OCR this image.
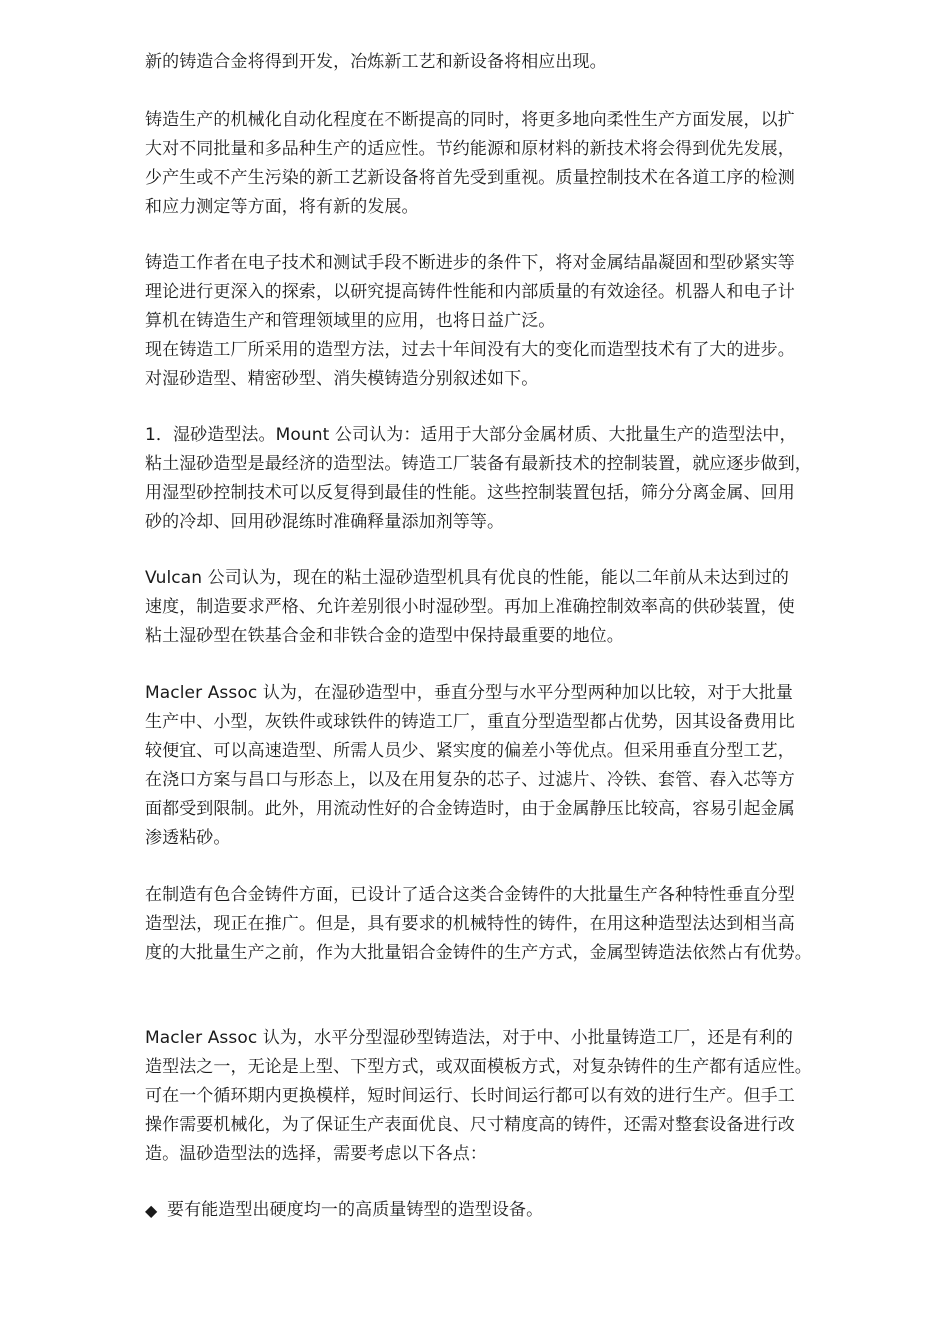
新的铸造合金将得到开发，冶炼新工艺和新设备将相应出现。
铸造生产的机械化自动化程度在不断提高的同时，将更多地向柔性生产方面发展，以扩
大对不同批量和多品种生产的适应性。节约能源和原材料的新技术将会得到优先发展，
少产生或不产生污染的新工艺新设备将首先受到重视。质量控制技术在各道工序的检测
和应力测定等方面，将有新的发展。
铸造工作者在电子技术和测试手段不断进步的条件下，将对金属结晶凝固和型砂紧实等
理论进行更深入的探索，以研究提高铸件性能和内部质量的有效途径。机器人和电子计
算机在铸造生产和管理领域里的应用，也将日益广泛。
现在铸造工厂所采用的造型方法，过去十年间没有大的变化而造型技术有了大的进步。
对湿砂造型、精密砂型、消失模铸造分别叙述如下。
1．湿砂造型法。Mount 公司认为：适用于大部分金属材质、大批量生产的造型法中，
粘土湿砂造型是最经济的造型法。铸造工厂装备有最新技术的控制装置，就应逐步做到，
用湿型砂控制技术可以反复得到最佳的性能。这些控制装置包括，筛分分离金属、回用
砂的冷却、回用砂混练时准确释量添加剂等等。
Vulcan 公司认为，现在的粘土湿砂造型机具有优良的性能，能以二年前从未达到过的
速度，制造要求严格、允许差别很小时湿砂型。再加上准确控制效率高的供砂装置，使
粘土湿砂型在铁基合金和非铁合金的造型中保持最重要的地位。
Macler Assoc 认为，在湿砂造型中，垂直分型与水平分型两种加以比较，对于大批量
生产中、小型，灰铁件或球铁件的铸造工厂，重直分型造型都占优势，因其设备费用比
较便宜、可以高速造型、所需人员少、紧实度的偏差小等优点。但采用垂直分型工艺，
在浇口方案与昌口与形态上，以及在用复杂的芯子、过滤片、冷铁、套管、舂入芯等方
面都受到限制。此外，用流动性好的合金铸造时，由于金属静压比较高，容易引起金属
渗透粘砂。
在制造有色合金铸件方面，已设计了适合这类合金铸件的大批量生产各种特性垂直分型
造型法，现正在推广。但是，具有要求的机械特性的铸件，在用这种造型法达到相当高
度的大批量生产之前，作为大批量铝合金铸件的生产方式，金属型铸造法依然占有优势。
Macler Assoc 认为，水平分型湿砂型铸造法，对于中、小批量铸造工厂，还是有利的
造型法之一，无论是上型、下型方式，或双面模板方式，对复杂铸件的生产都有适应性。
可在一个循环期内更换模样，短时间运行、长时间运行都可以有效的进行生产。但手工
操作需要机械化，为了保证生产表面优良、尺寸精度高的铸件，还需对整套设备进行改
造。温砂造型法的选择，需要考虑以下各点：
◆ 要有能造型出硬度均一的高质量铸型的造型设备。
